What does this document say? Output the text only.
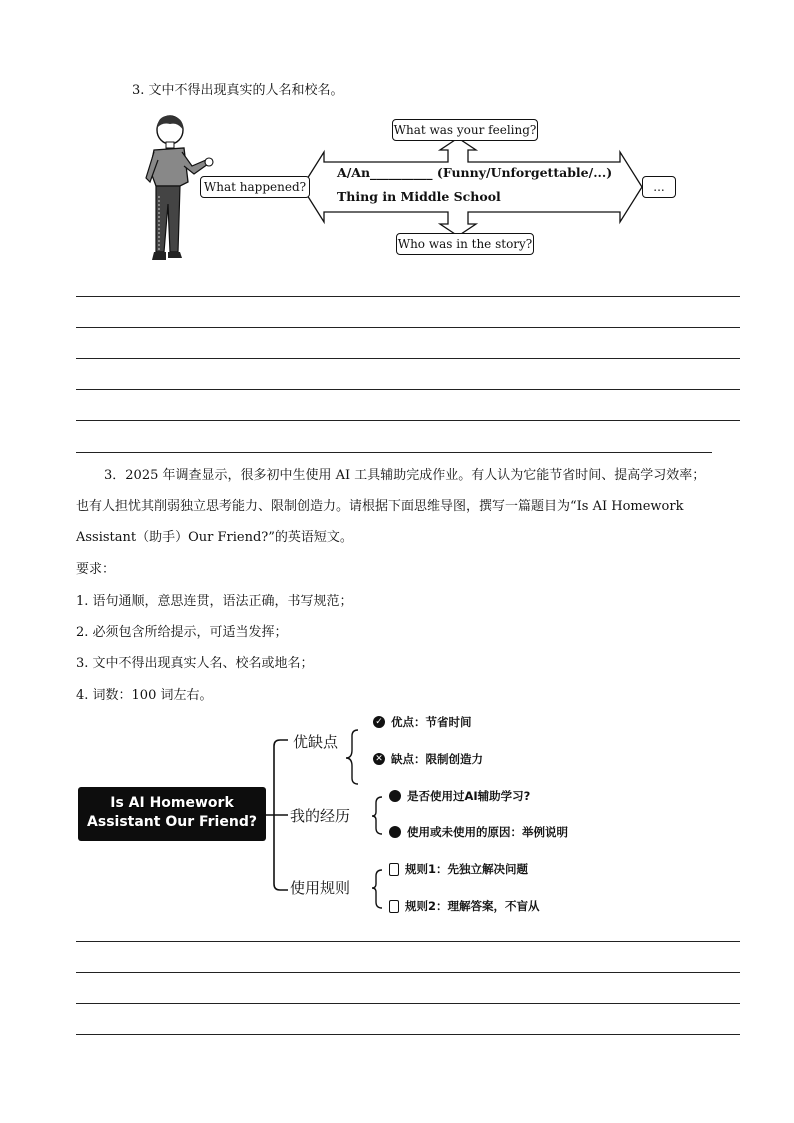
3. 文中不得出现真实的人名和校名。
A/An__________ (Funny/Unforgettable/...)
Thing in Middle School
What was your feeling?
What happened?
Who was in the story?
...
3．2025 年调查显示，很多初中生使用 AI 工具辅助完成作业。有人认为它能节省时间、提高学习效率；
也有人担忧其削弱独立思考能力、限制创造力。请根据下面思维导图，撰写一篇题目为“Is AI Homework
Assistant（助手）Our Friend?”的英语短文。
要求：
1. 语句通顺，意思连贯，语法正确，书写规范；
2. 必须包含所给提示，可适当发挥；
3. 文中不得出现真实人名、校名或地名；
4. 词数：100 词左右。
Is AI Homework
Assistant Our Friend?
优缺点
我的经历
使用规则
✓ 优点：节省时间
✕ 缺点：限制创造力
是否使用过AI辅助学习?
使用或未使用的原因：举例说明
规则1：先独立解决问题
规则2：理解答案，不盲从
